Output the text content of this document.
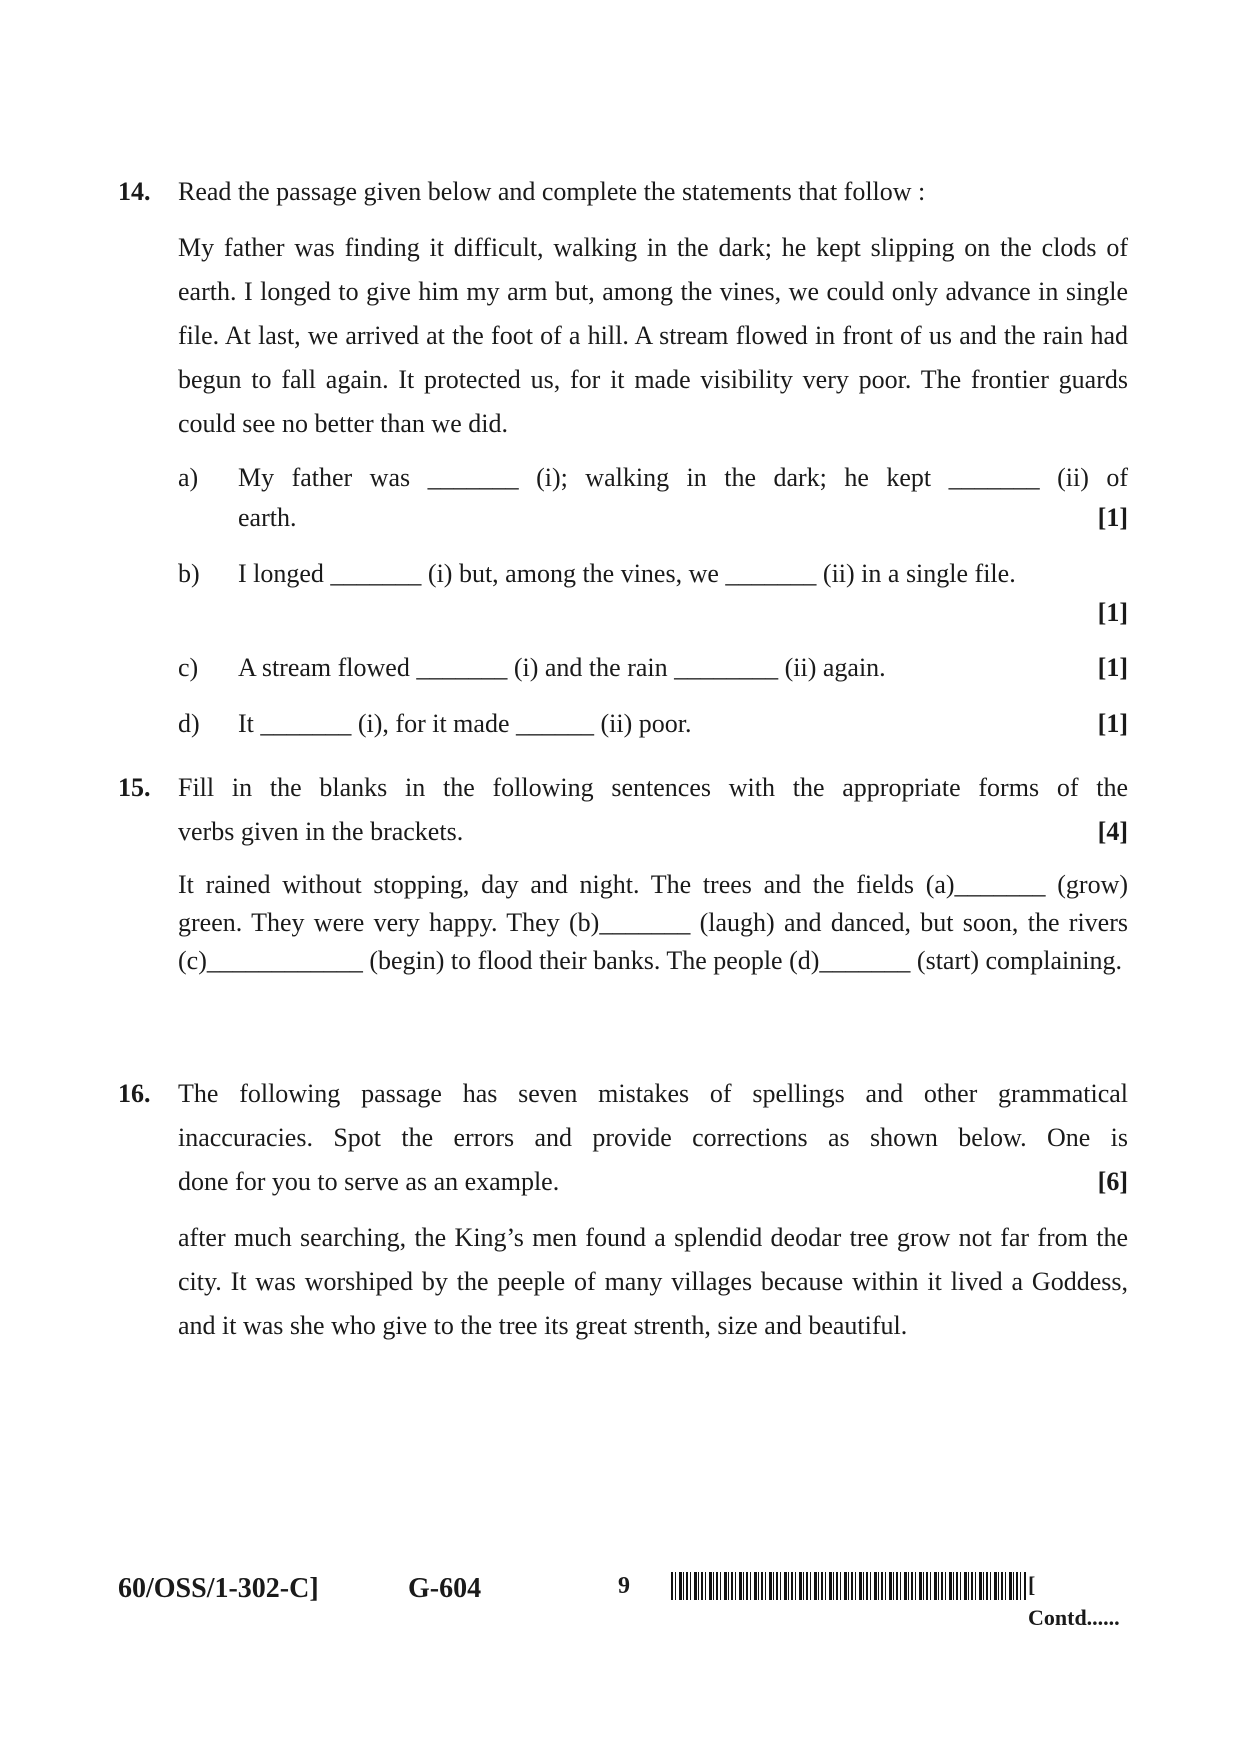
14. Read the passage given below and complete the statements that follow :

My father was finding it difficult, walking in the dark; he kept slipping on the clods of earth. I longed to give him my arm but, among the vines, we could only advance in single file. At last, we arrived at the foot of a hill. A stream flowed in front of us and the rain had begun to fall again. It protected us, for it made visibility very poor. The frontier guards could see no better than we did.

a) My father was _______ (i); walking in the dark; he kept _______ (ii) of
earth.	[1]
b) I longed _______ (i) but, among the vines, we _______ (ii) in a single file.
[1]
c) A stream flowed _______ (i) and the rain ________ (ii) again.	[1]
d) It _______ (i), for it made ______ (ii) poor.	[1]
15. Fill in the blanks in the following sentences with the appropriate forms of the

verbs given in the brackets.	[4]

It rained without stopping, day and night. The trees and the fields (a)_______ (grow) green. They were very happy. They (b)_______ (laugh) and danced, but soon, the rivers (c)____________ (begin) to flood their banks. The people (d)_______ (start) complaining.

16. The following passage has seven mistakes of spellings and other grammatical

inaccuracies. Spot the errors and provide corrections as shown below. One is

done for you to serve as an example.	[6]

after much searching, the King’s men found a splendid deodar tree grow not far from the city. It was worshiped by the peeple of many villages because within it lived a Goddess, and it was she who give to the tree its great strenth, size and beautiful.

60/OSS/1-302-C]	G-604	9	[ Contd......
